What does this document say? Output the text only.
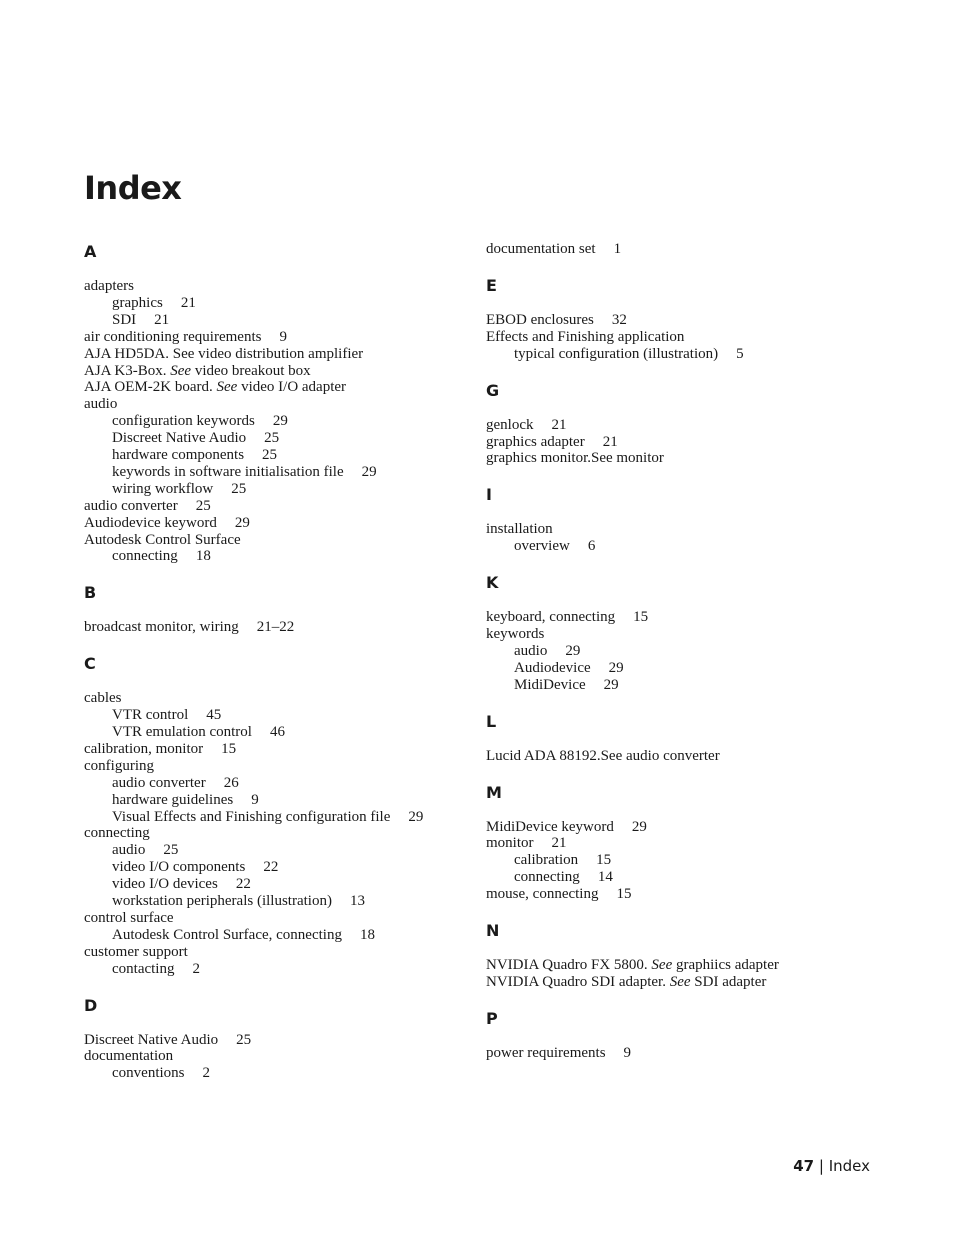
Index
A
adapters
graphics 21
SDI 21
air conditioning requirements 9
AJA HD5DA. See video distribution amplifier
AJA K3-Box. See video breakout box
AJA OEM-2K board. See video I/O adapter
audio
configuration keywords 29
Discreet Native Audio 25
hardware components 25
keywords in software initialisation file 29
wiring workflow 25
audio converter 25
Audiodevice keyword 29
Autodesk Control Surface
connecting 18
B
broadcast monitor, wiring 21–22
C
cables
VTR control 45
VTR emulation control 46
calibration, monitor 15
configuring
audio converter 26
hardware guidelines 9
Visual Effects and Finishing configuration file 29
connecting
audio 25
video I/O components 22
video I/O devices 22
workstation peripherals (illustration) 13
control surface
Autodesk Control Surface, connecting 18
customer support
contacting 2
D
Discreet Native Audio 25
documentation
conventions 2
documentation set 1
E
EBOD enclosures 32
Effects and Finishing application
typical configuration (illustration) 5
G
genlock 21
graphics adapter 21
graphics monitor.See monitor
I
installation
overview 6
K
keyboard, connecting 15
keywords
audio 29
Audiodevice 29
MidiDevice 29
L
Lucid ADA 88192.See audio converter
M
MidiDevice keyword 29
monitor 21
calibration 15
connecting 14
mouse, connecting 15
N
NVIDIA Quadro FX 5800. See graphiics adapter
NVIDIA Quadro SDI adapter. See SDI adapter
P
power requirements 9
47 | Index
